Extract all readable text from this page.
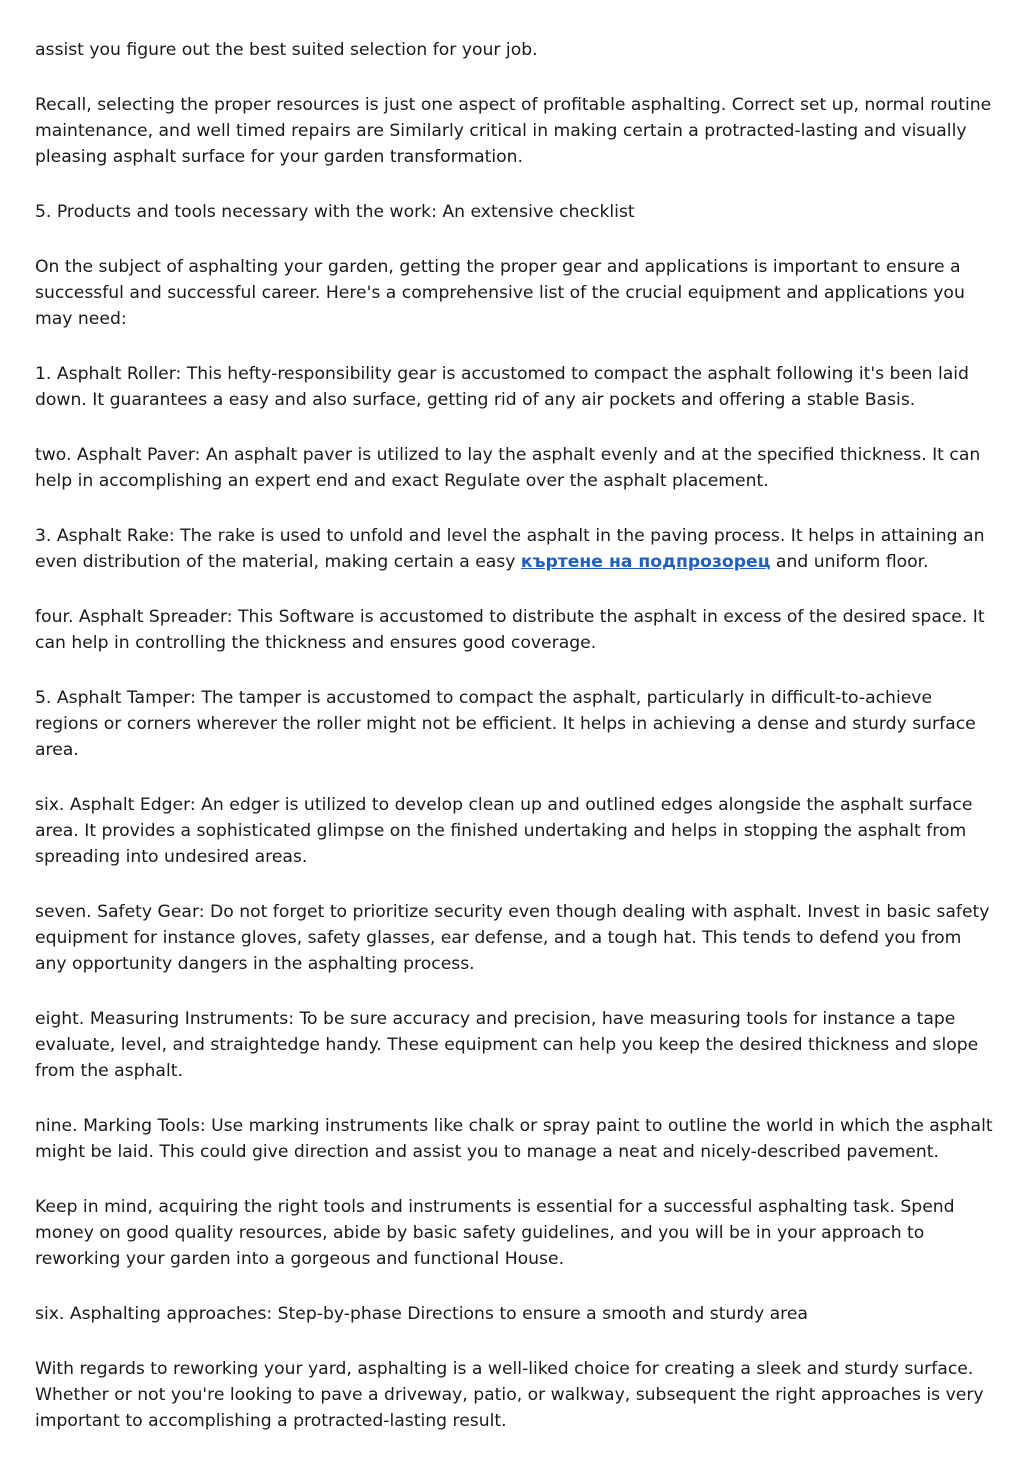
assist you figure out the best suited selection for your job.

Recall, selecting the proper resources is just one aspect of profitable asphalting. Correct set up, normal routine maintenance, and well timed repairs are Similarly critical in making certain a protracted-lasting and visually pleasing asphalt surface for your garden transformation.

5. Products and tools necessary with the work: An extensive checklist

On the subject of asphalting your garden, getting the proper gear and applications is important to ensure a successful and successful career. Here's a comprehensive list of the crucial equipment and applications you may need:

1. Asphalt Roller: This hefty-responsibility gear is accustomed to compact the asphalt following it's been laid down. It guarantees a easy and also surface, getting rid of any air pockets and offering a stable Basis.

two. Asphalt Paver: An asphalt paver is utilized to lay the asphalt evenly and at the specified thickness. It can help in accomplishing an expert end and exact Regulate over the asphalt placement.

3. Asphalt Rake: The rake is used to unfold and level the asphalt in the paving process. It helps in attaining an even distribution of the material, making certain a easy къртене на подпрозорец and uniform floor.

four. Asphalt Spreader: This Software is accustomed to distribute the asphalt in excess of the desired space. It can help in controlling the thickness and ensures good coverage.

5. Asphalt Tamper: The tamper is accustomed to compact the asphalt, particularly in difficult-to-achieve regions or corners wherever the roller might not be efficient. It helps in achieving a dense and sturdy surface area.

six. Asphalt Edger: An edger is utilized to develop clean up and outlined edges alongside the asphalt surface area. It provides a sophisticated glimpse on the finished undertaking and helps in stopping the asphalt from spreading into undesired areas.

seven. Safety Gear: Do not forget to prioritize security even though dealing with asphalt. Invest in basic safety equipment for instance gloves, safety glasses, ear defense, and a tough hat. This tends to defend you from any opportunity dangers in the asphalting process.

eight. Measuring Instruments: To be sure accuracy and precision, have measuring tools for instance a tape evaluate, level, and straightedge handy. These equipment can help you keep the desired thickness and slope from the asphalt.

nine. Marking Tools: Use marking instruments like chalk or spray paint to outline the world in which the asphalt might be laid. This could give direction and assist you to manage a neat and nicely-described pavement.

Keep in mind, acquiring the right tools and instruments is essential for a successful asphalting task. Spend money on good quality resources, abide by basic safety guidelines, and you will be in your approach to reworking your garden into a gorgeous and functional House.

six. Asphalting approaches: Step-by-phase Directions to ensure a smooth and sturdy area

With regards to reworking your yard, asphalting is a well-liked choice for creating a sleek and sturdy surface. Whether or not you're looking to pave a driveway, patio, or walkway, subsequent the right approaches is very important to accomplishing a protracted-lasting result.
